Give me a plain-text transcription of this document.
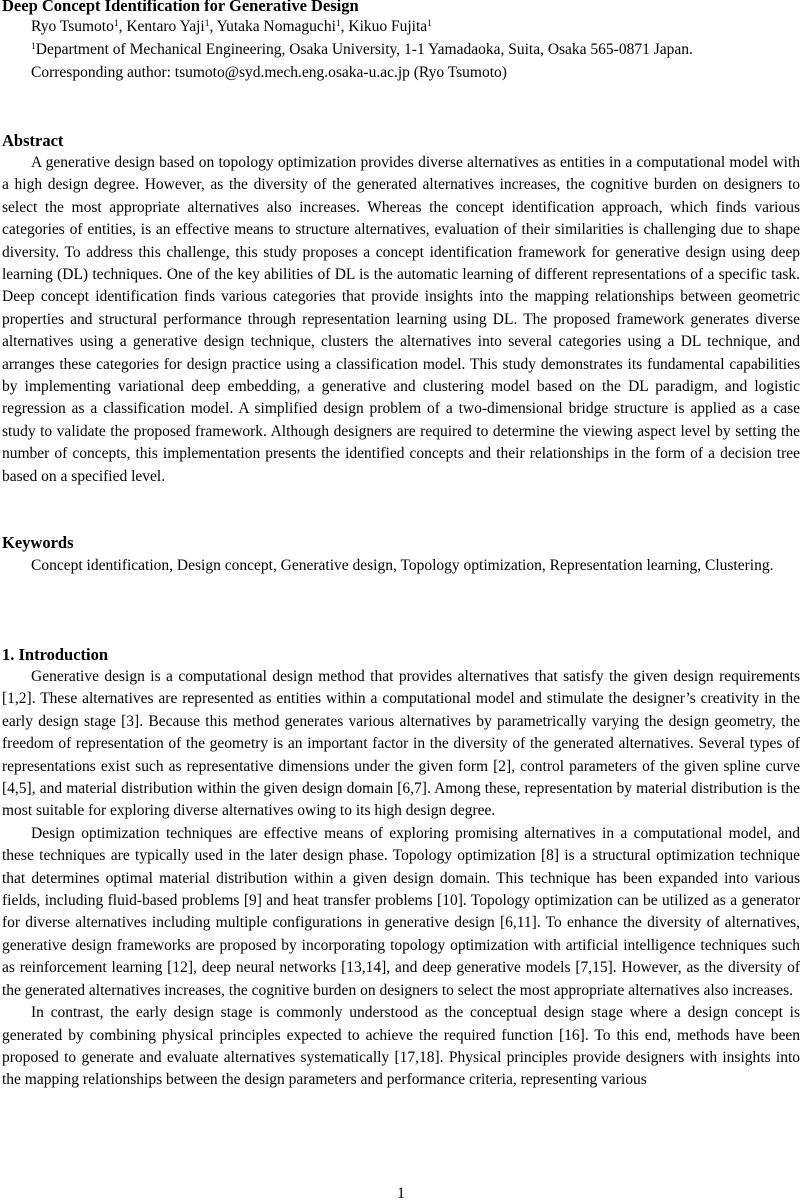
Deep Concept Identification for Generative Design

Ryo Tsumoto$^1$, Kentaro Yaji$^1$, Yutaka Nomaguchi$^1$, Kikuo Fujita$^1$

$^1$Department of Mechanical Engineering, Osaka University, 1-1 Yamadaoka, Suita, Osaka 565-0871 Japan.

Corresponding author: tsumoto@syd.mech.eng.osaka-u.ac.jp (Ryo Tsumoto)

Abstract

A generative design based on topology optimization provides diverse alternatives as entities in a computational model with a high design degree. However, as the diversity of the generated alternatives increases, the cognitive burden on designers to select the most appropriate alternatives also increases. Whereas the concept identification approach, which finds various categories of entities, is an effective means to structure alternatives, evaluation of their similarities is challenging due to shape diversity. To address this challenge, this study proposes a concept identification framework for generative design using deep learning (DL) techniques. One of the key abilities of DL is the automatic learning of different representations of a specific task. Deep concept identification finds various categories that provide insights into the mapping relationships between geometric properties and structural performance through representation learning using DL. The proposed framework generates diverse alternatives using a generative design technique, clusters the alternatives into several categories using a DL technique, and arranges these categories for design practice using a classification model. This study demonstrates its fundamental capabilities by implementing variational deep embedding, a generative and clustering model based on the DL paradigm, and logistic regression as a classification model. A simplified design problem of a two-dimensional bridge structure is applied as a case study to validate the proposed framework. Although designers are required to determine the viewing aspect level by setting the number of concepts, this implementation presents the identified concepts and their relationships in the form of a decision tree based on a specified level.

Keywords

Concept identification, Design concept, Generative design, Topology optimization, Representation learning, Clustering.

1. Introduction

Generative design is a computational design method that provides alternatives that satisfy the given design requirements [1,2]. These alternatives are represented as entities within a computational model and stimulate the designer’s creativity in the early design stage [3]. Because this method generates various alternatives by parametrically varying the design geometry, the freedom of representation of the geometry is an important factor in the diversity of the generated alternatives. Several types of representations exist such as representative dimensions under the given form [2], control parameters of the given spline curve [4,5], and material distribution within the given design domain [6,7]. Among these, representation by material distribution is the most suitable for exploring diverse alternatives owing to its high design degree.

Design optimization techniques are effective means of exploring promising alternatives in a computational model, and these techniques are typically used in the later design phase. Topology optimization [8] is a structural optimization technique that determines optimal material distribution within a given design domain. This technique has been expanded into various fields, including fluid-based problems [9] and heat transfer problems [10]. Topology optimization can be utilized as a generator for diverse alternatives including multiple configurations in generative design [6,11]. To enhance the diversity of alternatives, generative design frameworks are proposed by incorporating topology optimization with artificial intelligence techniques such as reinforcement learning [12], deep neural networks [13,14], and deep generative models [7,15]. However, as the diversity of the generated alternatives increases, the cognitive burden on designers to select the most appropriate alternatives also increases.

In contrast, the early design stage is commonly understood as the conceptual design stage where a design concept is generated by combining physical principles expected to achieve the required function [16]. To this end, methods have been proposed to generate and evaluate alternatives systematically [17,18]. Physical principles provide designers with insights into the mapping relationships between the design parameters and performance criteria, representing various

1
